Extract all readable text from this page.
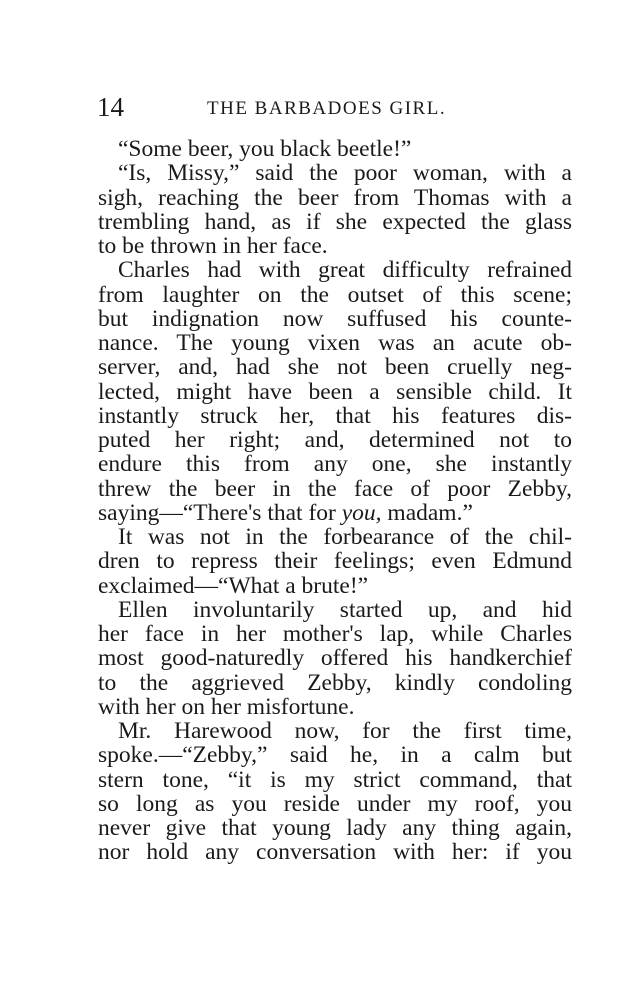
14	THE BARBADOES GIRL.
“Some beer, you black beetle!”
“Is, Missy,” said the poor woman, with a
sigh, reaching the beer from Thomas with a
trembling hand, as if she expected the glass
to be thrown in her face.
Charles had with great difficulty refrained
from laughter on the outset of this scene;
but indignation now suffused his counte-
nance. The young vixen was an acute ob-
server, and, had she not been cruelly neg-
lected, might have been a sensible child. It
instantly struck her, that his features dis-
puted her right; and, determined not to
endure this from any one, she instantly
threw the beer in the face of poor Zebby,
saying—“There's that for you, madam.”
It was not in the forbearance of the chil-
dren to repress their feelings; even Edmund
exclaimed—“What a brute!”
Ellen involuntarily started up, and hid
her face in her mother's lap, while Charles
most good-naturedly offered his handkerchief
to the aggrieved Zebby, kindly condoling
with her on her misfortune.
Mr. Harewood now, for the first time,
spoke.—“Zebby,” said he, in a calm but
stern tone, “it is my strict command, that
so long as you reside under my roof, you
never give that young lady any thing again,
nor hold any conversation with her: if you
